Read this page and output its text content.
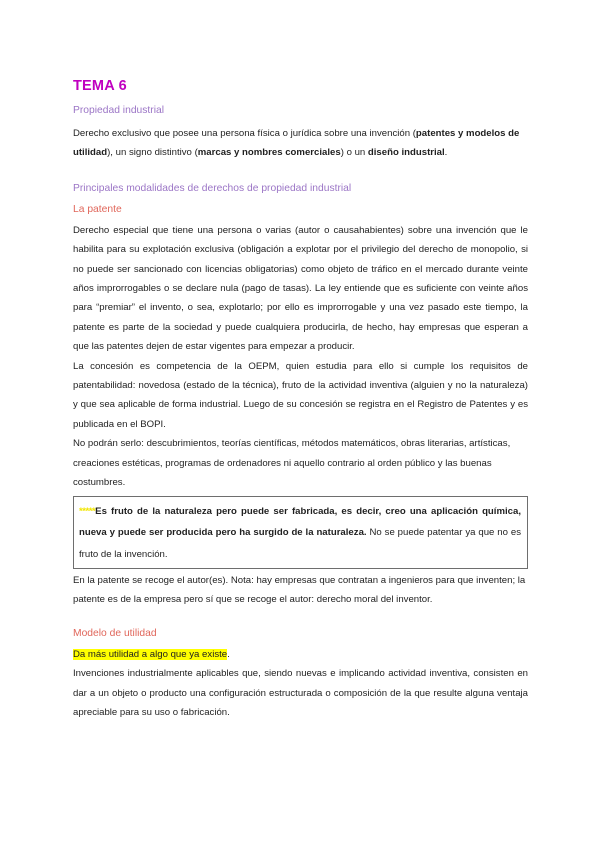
TEMA 6
Propiedad industrial

Derecho exclusivo que posee una persona física o jurídica sobre una invención (patentes y modelos de utilidad), un signo distintivo (marcas y nombres comerciales) o un diseño industrial.

Principales modalidades de derechos de propiedad industrial
La patente

Derecho especial que tiene una persona o varias (autor o causahabientes) sobre una invención que le habilita para su explotación exclusiva (obligación a explotar por el privilegio del derecho de monopolio, si no puede ser sancionado con licencias obligatorias) como objeto de tráfico en el mercado durante veinte años improrrogables o se declare nula (pago de tasas). La ley entiende que es suficiente con veinte años para “premiar” el invento, o sea, explotarlo; por ello es improrrogable y una vez pasado este tiempo, la patente es parte de la sociedad y puede cualquiera producirla, de hecho, hay empresas que esperan a que las patentes dejen de estar vigentes para empezar a producir.

La concesión es competencia de la OEPM, quien estudia para ello si cumple los requisitos de patentabilidad: novedosa (estado de la técnica), fruto de la actividad inventiva (alguien y no la naturaleza) y que sea aplicable de forma industrial. Luego de su concesión se registra en el Registro de Patentes y es publicada en el BOPI.

No podrán serlo: descubrimientos, teorías científicas, métodos matemáticos, obras literarias, artísticas, creaciones estéticas, programas de ordenadores ni aquello contrario al orden público y las buenas costumbres.

*****Es fruto de la naturaleza pero puede ser fabricada, es decir, creo una aplicación química, nueva y puede ser producida pero ha surgido de la naturaleza. No se puede patentar ya que no es fruto de la invención.

En la patente se recoge el autor(es). Nota: hay empresas que contratan a ingenieros para que inventen; la patente es de la empresa pero sí que se recoge el autor: derecho moral del inventor.

Modelo de utilidad

Da más utilidad a algo que ya existe.

Invenciones industrialmente aplicables que, siendo nuevas e implicando actividad inventiva, consisten en dar a un objeto o producto una configuración estructurada o composición de la que resulte alguna ventaja apreciable para su uso o fabricación.
